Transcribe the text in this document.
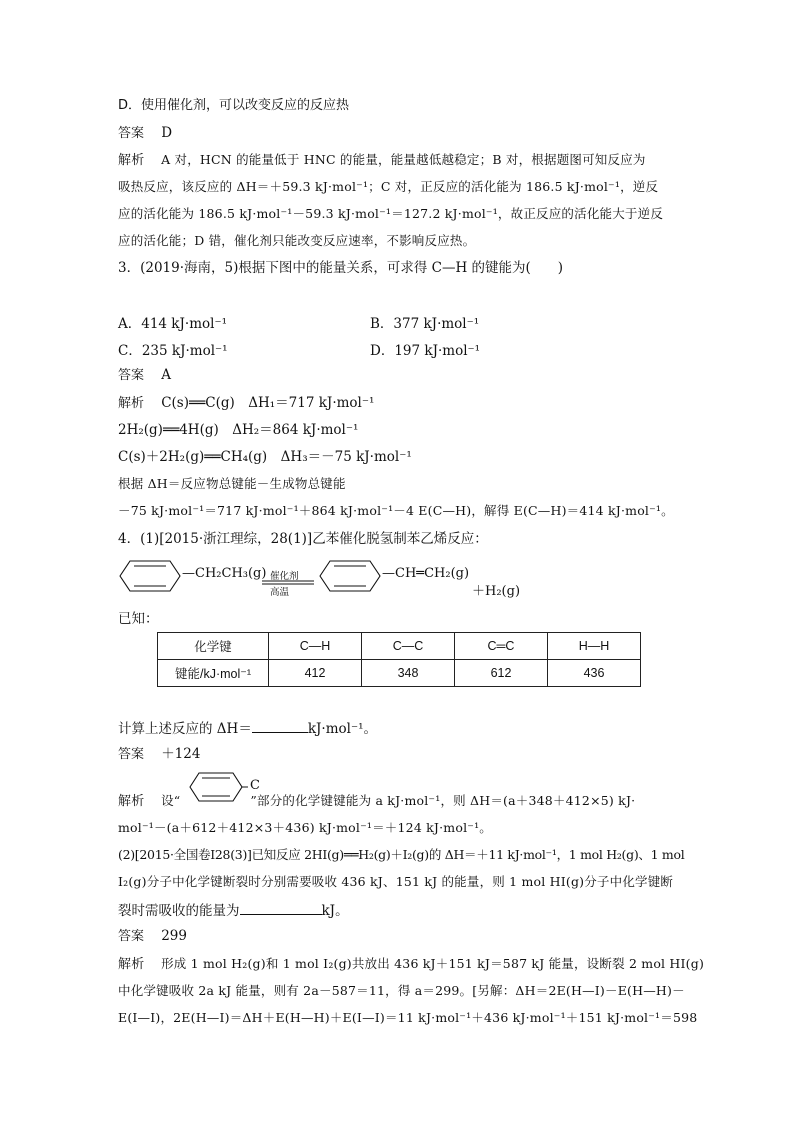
D．使用催化剂，可以改变反应的反应热
答案 D
解析 A 对，HCN 的能量低于 HNC 的能量，能量越低越稳定；B 对，根据题图可知反应为
吸热反应，该反应的 ΔH＝＋59.3 kJ·mol⁻¹；C 对，正反应的活化能为 186.5 kJ·mol⁻¹，逆反
应的活化能为 186.5 kJ·mol⁻¹－59.3 kJ·mol⁻¹＝127.2 kJ·mol⁻¹，故正反应的活化能大于逆反
应的活化能；D 错，催化剂只能改变反应速率，不影响反应热。
3．(2019·海南，5)根据下图中的能量关系，可求得 C—H 的键能为(　　)
A．414 kJ·mol⁻¹	B．377 kJ·mol⁻¹
C．235 kJ·mol⁻¹	D．197 kJ·mol⁻¹
答案 A
解析 C(s)══C(g)　ΔH₁＝717 kJ·mol⁻¹
2H₂(g)══4H(g)　ΔH₂＝864 kJ·mol⁻¹
C(s)＋2H₂(g)══CH₄(g)　ΔH₃＝－75 kJ·mol⁻¹
根据 ΔH＝反应物总键能－生成物总键能
－75 kJ·mol⁻¹＝717 kJ·mol⁻¹＋864 kJ·mol⁻¹－4 E(C—H)，解得 E(C—H)＝414 kJ·mol⁻¹。
4．(1)[2015·浙江理综，28(1)]乙苯催化脱氢制苯乙烯反应：
—CH₂CH₃(g) 催化剂
高温
—CH═CH₂(g)
＋H₂(g)
已知：
化学键	C—H	C—C	C═C	H—H
键能/kJ·mol⁻¹	412	348	612	436
计算上述反应的 ΔH＝	kJ·mol⁻¹。
答案 ＋124
C
解析 设“	”部分的化学键键能为 a kJ·mol⁻¹，则 ΔH＝(a＋348＋412×5) kJ·
mol⁻¹－(a＋612＋412×3＋436) kJ·mol⁻¹＝＋124 kJ·mol⁻¹。
(2)[2015·全国卷Ⅰ28(3)]已知反应 2HI(g)══H₂(g)＋I₂(g)的 ΔH＝＋11 kJ·mol⁻¹，1 mol H₂(g)、1 mol
I₂(g)分子中化学键断裂时分别需要吸收 436 kJ、151 kJ 的能量，则 1 mol HI(g)分子中化学键断
裂时需吸收的能量为	kJ。
答案 299
解析 形成 1 mol H₂(g)和 1 mol I₂(g)共放出 436 kJ＋151 kJ＝587 kJ 能量，设断裂 2 mol HI(g)
中化学键吸收 2a kJ 能量，则有 2a－587＝11，得 a＝299。[另解：ΔH＝2E(H—I)－E(H—H)－
E(I—I)，2E(H—I)＝ΔH＋E(H—H)＋E(I—I)＝11 kJ·mol⁻¹＋436 kJ·mol⁻¹＋151 kJ·mol⁻¹＝598
